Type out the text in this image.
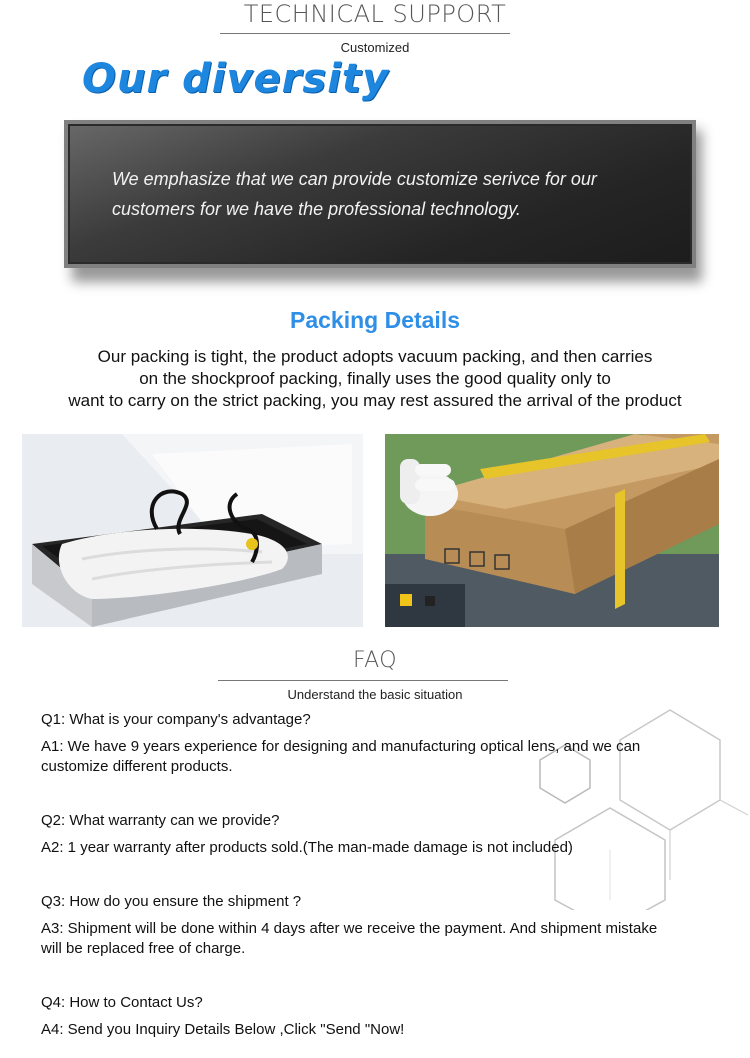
TECHNICAL SUPPORT
Customized
Our diversity
We emphasize that we can provide customize serivce for our
customers for we have the professional technology.
Packing Details
Our packing is tight, the product adopts vacuum packing, and then carries
on the shockproof packing, finally uses the good quality only to
want to carry on the strict packing, you may rest assured the arrival of the product
FAQ
Understand the basic situation
Q1: What is your company's advantage?
A1: We have 9 years experience for designing and manufacturing optical lens, and we can
customize different products.
Q2: What warranty can we provide?
A2: 1 year warranty after products sold.(The man-made damage is not included)
Q3: How do you ensure the shipment ?
A3: Shipment will be done within 4 days after we receive the payment. And shipment mistake
will be replaced free of charge.
Q4: How to Contact Us?
A4: Send you Inquiry Details Below ,Click "Send "Now!
